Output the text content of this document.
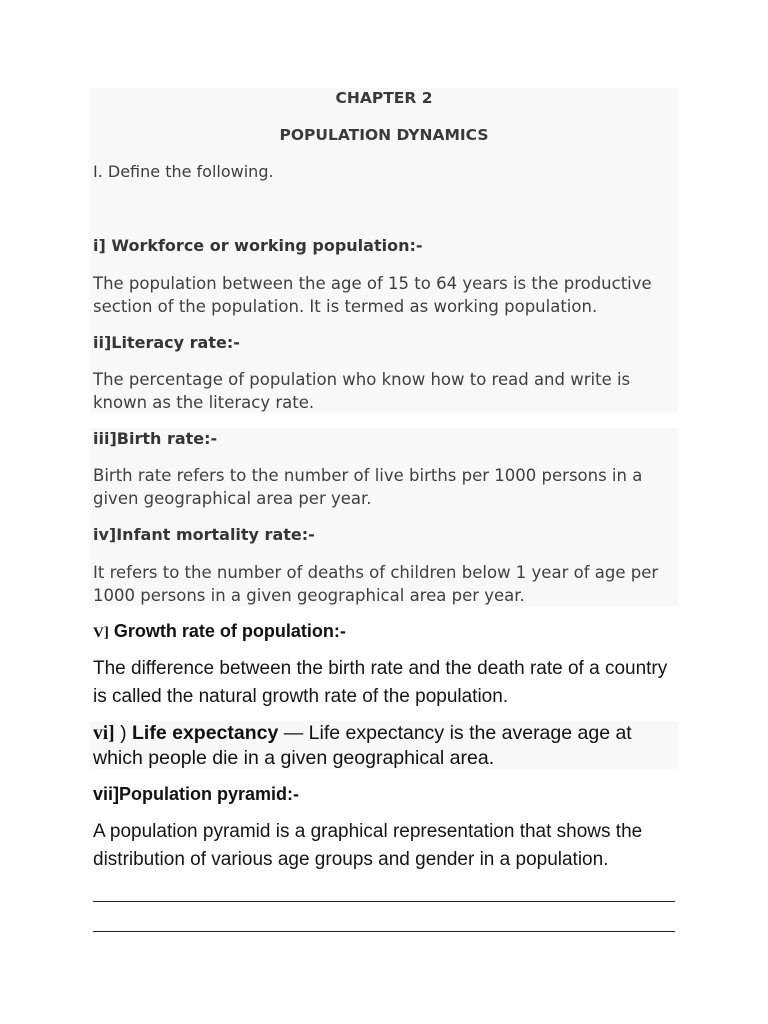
CHAPTER 2
POPULATION DYNAMICS
I. Define the following.
i] Workforce or working population:-

The population between the age of 15 to 64 years is the productive section of the population. It is termed as working population.

ii]Literacy rate:-

The percentage of population who know how to read and write is known as the literacy rate.

iii]Birth rate:-

Birth rate refers to the number of live births per 1000 persons in a given geographical area per year.

iv]Infant mortality rate:-

It refers to the number of deaths of children below 1 year of age per 1000 persons in a given geographical area per year.

V] Growth rate of population:-

The difference between the birth rate and the death rate of a country is called the natural growth rate of the population.

vi] ) Life expectancy — Life expectancy is the average age at which people die in a given geographical area.

vii]Population pyramid:-

A population pyramid is a graphical representation that shows the distribution of various age groups and gender in a population.
